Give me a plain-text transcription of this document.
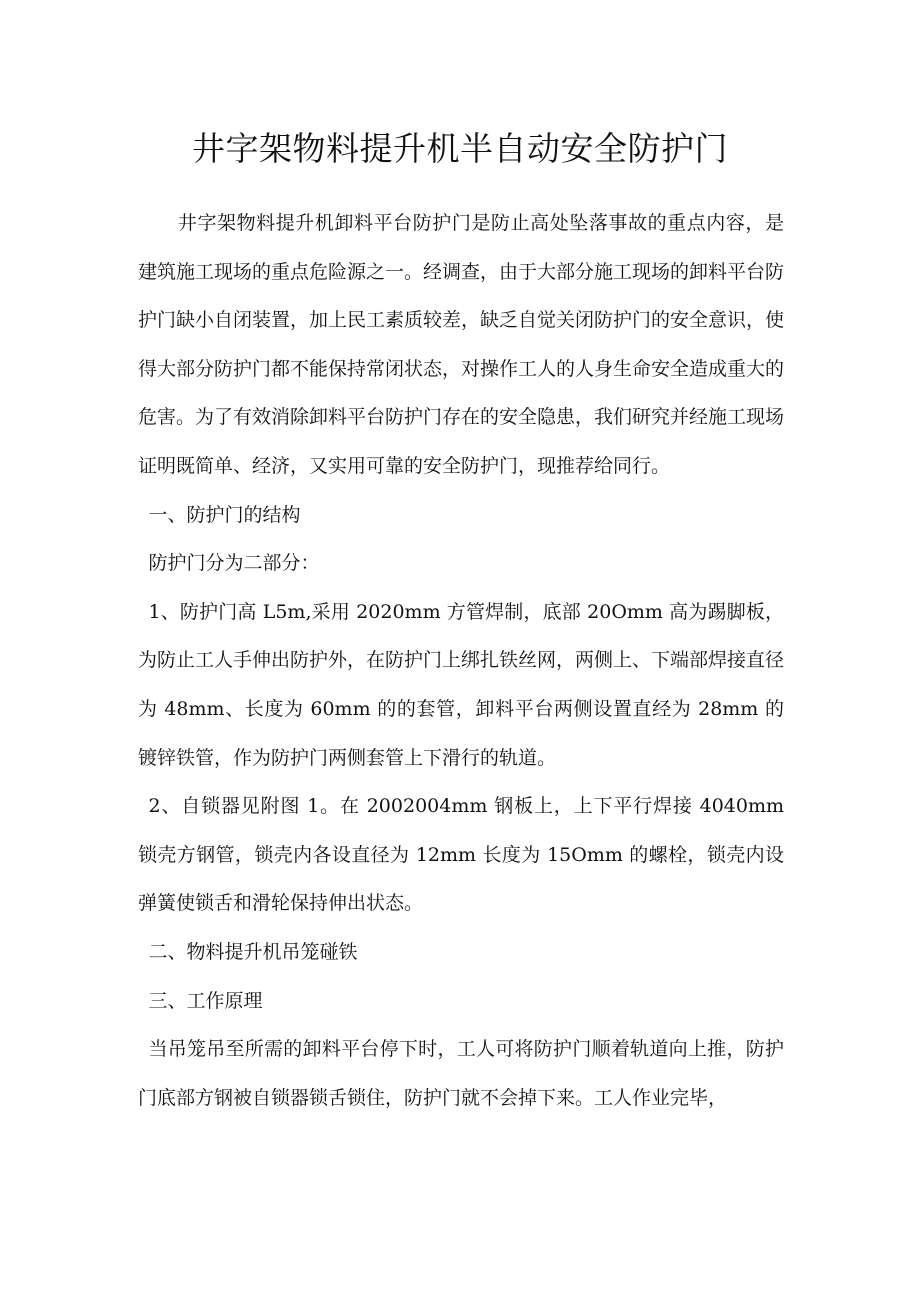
井字架物料提升机半自动安全防护门

井字架物料提升机卸料平台防护门是防止高处坠落事故的重点内容，是建筑施工现场的重点危险源之一。经调查，由于大部分施工现场的卸料平台防护门缺小自闭装置，加上民工素质较差，缺乏自觉关闭防护门的安全意识，使得大部分防护门都不能保持常闭状态，对操作工人的人身生命安全造成重大的危害。为了有效消除卸料平台防护门存在的安全隐患，我们研究并经施工现场证明既简单、经济，又实用可靠的安全防护门，现推荐给同行。

一、防护门的结构

防护门分为二部分：

1、防护门高 L5m,采用 2020mm 方管焊制，底部 20Omm 高为踢脚板，为防止工人手伸出防护外，在防护门上绑扎铁丝网，两侧上、下端部焊接直径为 48mm、长度为 60mm 的的套管，卸料平台两侧设置直经为 28mm 的镀锌铁管，作为防护门两侧套管上下滑行的轨道。

2、自锁器见附图 1。在 2002004mm 钢板上，上下平行焊接 4040mm 锁壳方钢管，锁壳内各设直径为 12mm 长度为 15Omm 的螺栓，锁壳内设弹簧使锁舌和滑轮保持伸出状态。

二、物料提升机吊笼碰铁

三、工作原理

当吊笼吊至所需的卸料平台停下时，工人可将防护门顺着轨道向上推，防护门底部方钢被自锁器锁舌锁住，防护门就不会掉下来。工人作业完毕，
